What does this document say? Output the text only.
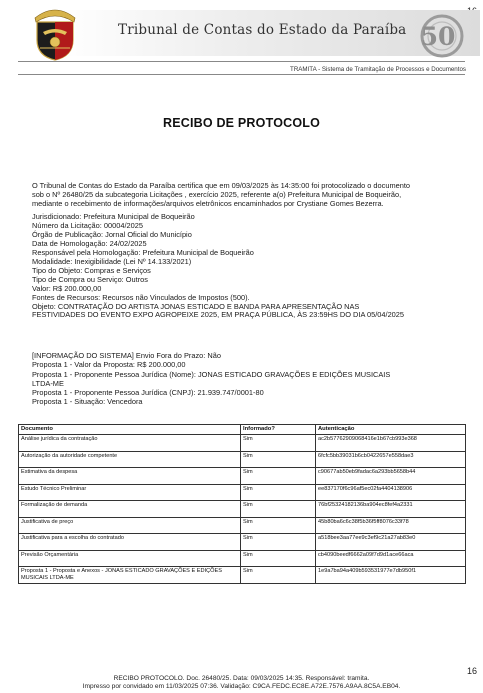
Tribunal de Contas do Estado da Paraíba 50
TRAMITA - Sistema de Tramitação de Processos e Documentos
RECIBO DE PROTOCOLO
O Tribunal de Contas do Estado da Paraíba certifica que em 09/03/2025 às 14:35:00 foi protocolizado o documento
sob o Nº 26480/25 da subcategoria Licitações , exercício 2025, referente a(o) Prefeitura Municipal de Boqueirão,
mediante o recebimento de informações/arquivos eletrônicos encaminhados por Crystiane Gomes Bezerra.
Jurisdicionado: Prefeitura Municipal de Boqueirão
Número da Licitação: 00004/2025
Órgão de Publicação: Jornal Oficial do Município
Data de Homologação: 24/02/2025
Responsável pela Homologação: Prefeitura Municipal de Boqueirão
Modalidade: Inexigibilidade (Lei Nº 14.133/2021)
Tipo do Objeto: Compras e Serviços
Tipo de Compra ou Serviço: Outros
Valor: R$ 200.000,00
Fontes de Recursos: Recursos não Vinculados de Impostos (500).
Objeto: CONTRATAÇÃO DO ARTISTA JONAS ESTICADO E BANDA PARA APRESENTAÇÃO NAS
FESTIVIDADES DO EVENTO EXPO AGROPEIXE 2025, EM PRAÇA PÚBLICA, ÀS 23:59HS DO DIA 05/04/2025
[INFORMAÇÃO DO SISTEMA] Envio Fora do Prazo: Não
Proposta 1 - Valor da Proposta: R$ 200.000,00
Proposta 1 - Proponente Pessoa Jurídica (Nome): JONAS ESTICADO GRAVAÇÕES E EDIÇÕES MUSICAIS
LTDA-ME
Proposta 1 - Proponente Pessoa Jurídica (CNPJ): 21.939.747/0001-80
Proposta 1 - Situação: Vencedora
Documento	Informado?	Autenticação
Análise jurídica da contratação	Sim	ac2b57762909068416e1b67cb993e368
Autorização da autoridade competente	Sim	6fcfc5bb39031b6cb0422657e558dae3
Estimativa da despesa	Sim	c90677ab50eb9fadac6a293bb5658b44
Estudo Técnico Preliminar	Sim	ee837170f6c96af5ec02fa4404138906
Formalização de demanda	Sim	76bf25324182136ba904ec8fef4a2331
Justificativa de preço	Sim	45b80ba6c6c38f5b36f5ff8076c33f78
Justificativa para a escolha do contratado	Sim	a518bee3aa77ee9c3ef9c21a27ab83e0
Previsão Orçamentária	Sim	cb4090beedf6662a09f7d9d1ace66aca
Proposta 1 - Proposta e Anexos - JONAS ESTICADO GRAVAÇÕES E EDIÇÕES MUSICAIS LTDA-ME	Sim	1e9a7ba94a409b593531977e7db950f1
16
RECIBO PROTOCOLO. Doc. 26480/25. Data: 09/03/2025 14:35. Responsável: tramita.
Impresso por convidado em 11/03/2025 07:36. Validação: C9CA.FEDC.EC8E.A72E.7576.A9AA.8C5A.EB04.
